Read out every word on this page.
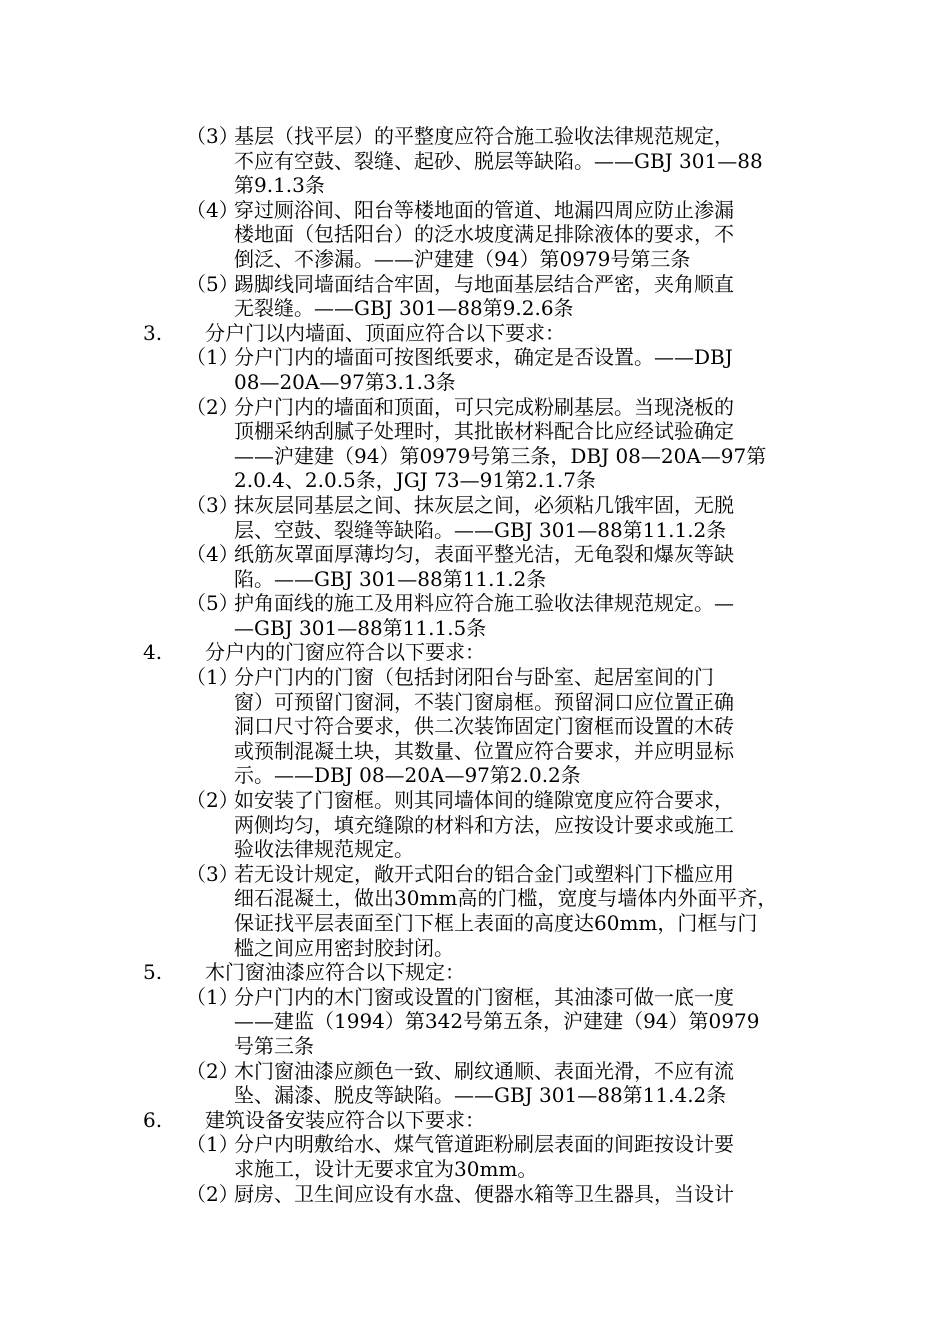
（3）
基层（找平层）的平整度应符合施工验收法律规范规定，
不应有空鼓、裂缝、起砂、脱层等缺陷。——GBJ 301—88
第9.1.3条
（4）
穿过厕浴间、阳台等楼地面的管道、地漏四周应防止渗漏
楼地面（包括阳台）的泛水坡度满足排除液体的要求，不
倒泛、不渗漏。——沪建建（94）第0979号第三条
（5）
踢脚线同墙面结合牢固，与地面基层结合严密，夹角顺直
无裂缝。——GBJ 301—88第9.2.6条
3.	分户门以内墙面、顶面应符合以下要求：
（1）
分户门内的墙面可按图纸要求，确定是否设置。——DBJ
08—20A—97第3.1.3条
（2）
分户门内的墙面和顶面，可只完成粉刷基层。当现浇板的
顶棚采纳刮腻子处理时，其批嵌材料配合比应经试验确定
——沪建建（94）第0979号第三条，DBJ 08—20A—97第
2.0.4、2.0.5条，JGJ 73—91第2.1.7条
（3）
抹灰层同基层之间、抹灰层之间，必须粘几饿牢固，无脱
层、空鼓、裂缝等缺陷。——GBJ 301—88第11.1.2条
（4）
纸筋灰罩面厚薄均匀，表面平整光洁，无龟裂和爆灰等缺
陷。——GBJ 301—88第11.1.2条
（5）
护角面线的施工及用料应符合施工验收法律规范规定。—
—GBJ 301—88第11.1.5条
4.	分户内的门窗应符合以下要求：
（1）
分户门内的门窗（包括封闭阳台与卧室、起居室间的门
窗）可预留门窗洞，不装门窗扇框。预留洞口应位置正确
洞口尺寸符合要求，供二次装饰固定门窗框而设置的木砖
或预制混凝土块，其数量、位置应符合要求，并应明显标
示。——DBJ 08—20A—97第2.0.2条
（2）
如安装了门窗框。则其同墙体间的缝隙宽度应符合要求，
两侧均匀，填充缝隙的材料和方法，应按设计要求或施工
验收法律规范规定。
（3）
若无设计规定，敞开式阳台的铝合金门或塑料门下槛应用
细石混凝土，做出30mm高的门槛，宽度与墙体内外面平齐，
保证找平层表面至门下框上表面的高度达60mm，门框与门
槛之间应用密封胶封闭。
5.	木门窗油漆应符合以下规定：
（1）
分户门内的木门窗或设置的门窗框，其油漆可做一底一度
——建监（1994）第342号第五条，沪建建（94）第0979
号第三条
（2）
木门窗油漆应颜色一致、刷纹通顺、表面光滑，不应有流
坠、漏漆、脱皮等缺陷。——GBJ 301—88第11.4.2条
6.	建筑设备安装应符合以下要求：
（1）
分户内明敷给水、煤气管道距粉刷层表面的间距按设计要
求施工，设计无要求宜为30mm。
（2）
厨房、卫生间应设有水盘、便器水箱等卫生器具，当设计
